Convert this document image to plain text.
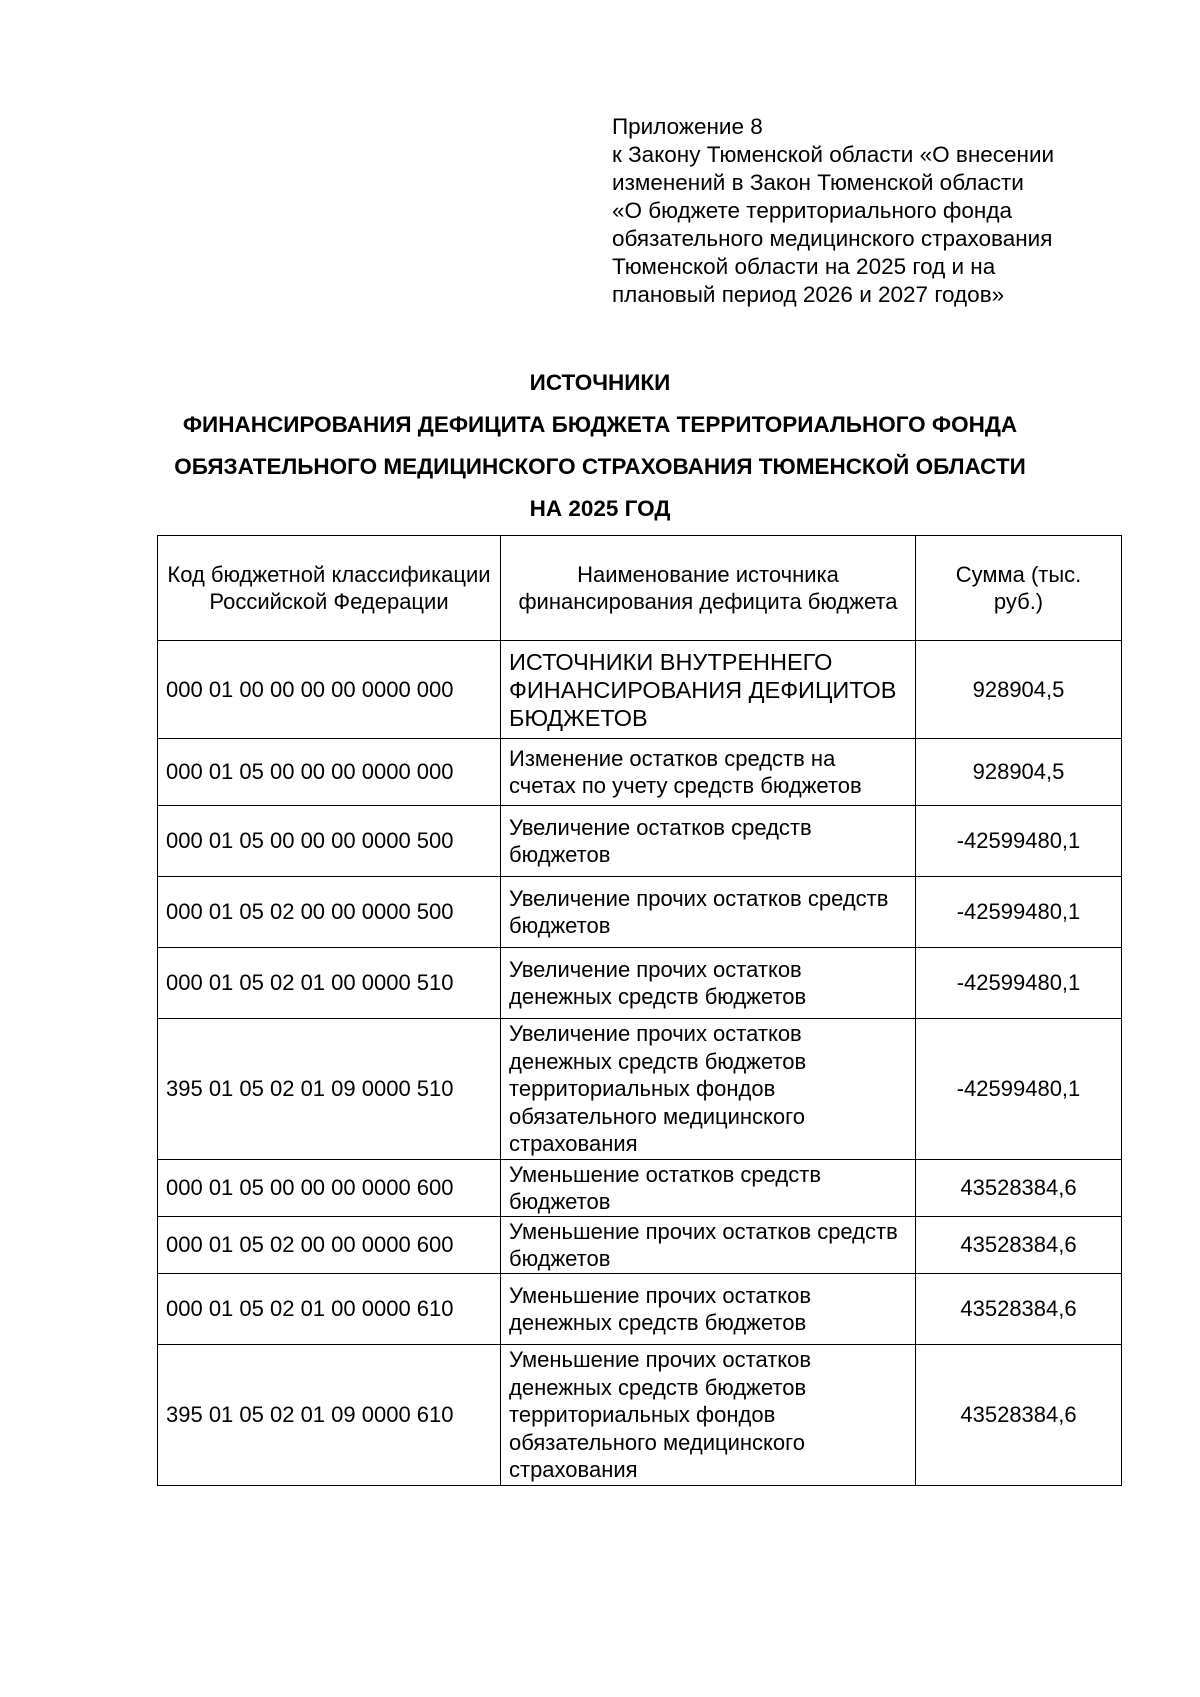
Приложение 8
к Закону Тюменской области «О внесении
изменений в Закон Тюменской области
«О бюджете территориального фонда
обязательного медицинского страхования
Тюменской области на 2025 год и на
плановый период 2026 и 2027 годов»
ИСТОЧНИКИ
ФИНАНСИРОВАНИЯ ДЕФИЦИТА БЮДЖЕТА ТЕРРИТОРИАЛЬНОГО ФОНДА
ОБЯЗАТЕЛЬНОГО МЕДИЦИНСКОГО СТРАХОВАНИЯ ТЮМЕНСКОЙ ОБЛАСТИ
НА 2025 ГОД
Код бюджетной классификации Российской Федерации	Наименование источника финансирования дефицита бюджета	Сумма (тыс. руб.)
000 01 00 00 00 00 0000 000	ИСТОЧНИКИ ВНУТРЕННЕГО ФИНАНСИРОВАНИЯ ДЕФИЦИТОВ БЮДЖЕТОВ	928904,5
000 01 05 00 00 00 0000 000	Изменение остатков средств на счетах по учету средств бюджетов	928904,5
000 01 05 00 00 00 0000 500	Увеличение остатков средств бюджетов	-42599480,1
000 01 05 02 00 00 0000 500	Увеличение прочих остатков средств бюджетов	-42599480,1
000 01 05 02 01 00 0000 510	Увеличение прочих остатков денежных средств бюджетов	-42599480,1
395 01 05 02 01 09 0000 510	Увеличение прочих остатков денежных средств бюджетов территориальных фондов обязательного медицинского страхования	-42599480,1
000 01 05 00 00 00 0000 600	Уменьшение остатков средств бюджетов	43528384,6
000 01 05 02 00 00 0000 600	Уменьшение прочих остатков средств бюджетов	43528384,6
000 01 05 02 01 00 0000 610	Уменьшение прочих остатков денежных средств бюджетов	43528384,6
395 01 05 02 01 09 0000 610	Уменьшение прочих остатков денежных средств бюджетов территориальных фондов обязательного медицинского страхования	43528384,6
